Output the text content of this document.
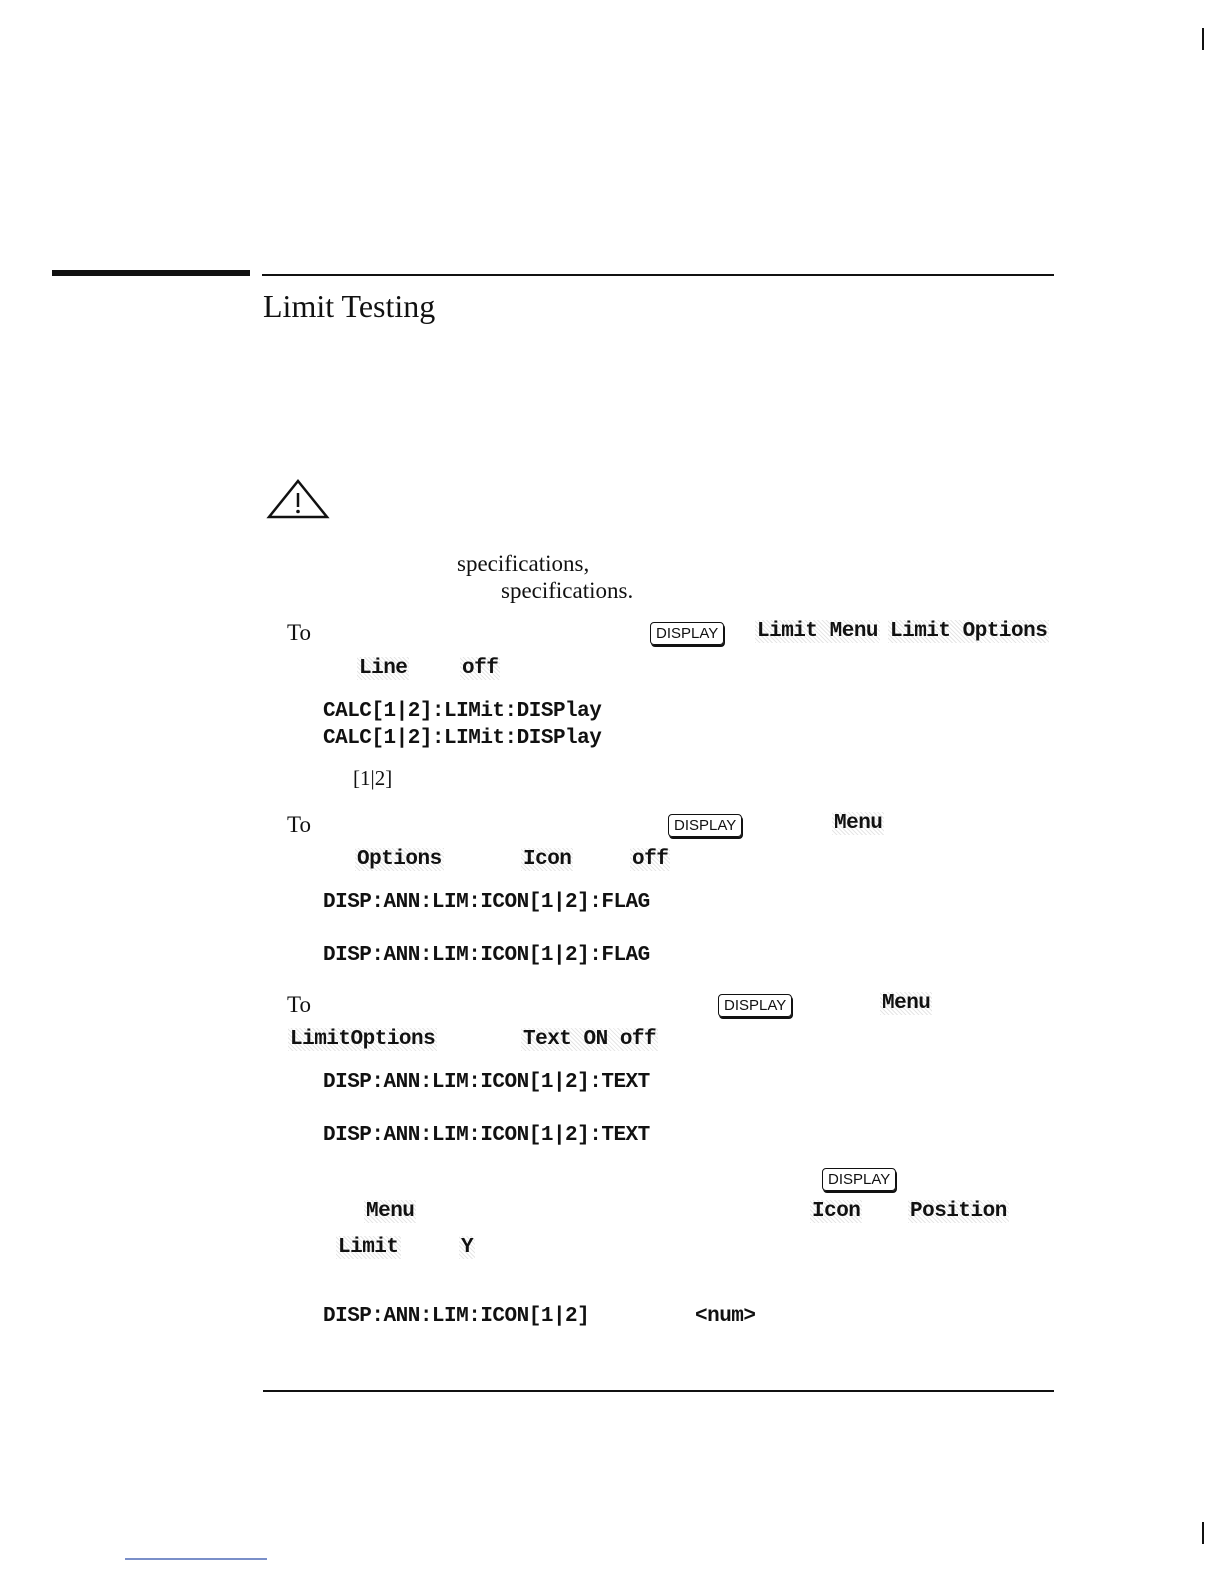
Limit Testing
specifications,
specifications.
To	DISPLAY Limit Menu Limit Options
Line	off
CALC[1|2]:LIMit:DISPlay
CALC[1|2]:LIMit:DISPlay
[1|2]
To	DISPLAY	Menu
Options	Icon	off
DISP:ANN:LIM:ICON[1|2]:FLAG
DISP:ANN:LIM:ICON[1|2]:FLAG
To	DISPLAY	Menu
LimitOptions	Text ON off
DISP:ANN:LIM:ICON[1|2]:TEXT
DISP:ANN:LIM:ICON[1|2]:TEXT
DISPLAY
Menu	Icon Position
Limit	Y
DISP:ANN:LIM:ICON[1|2]	<num>
